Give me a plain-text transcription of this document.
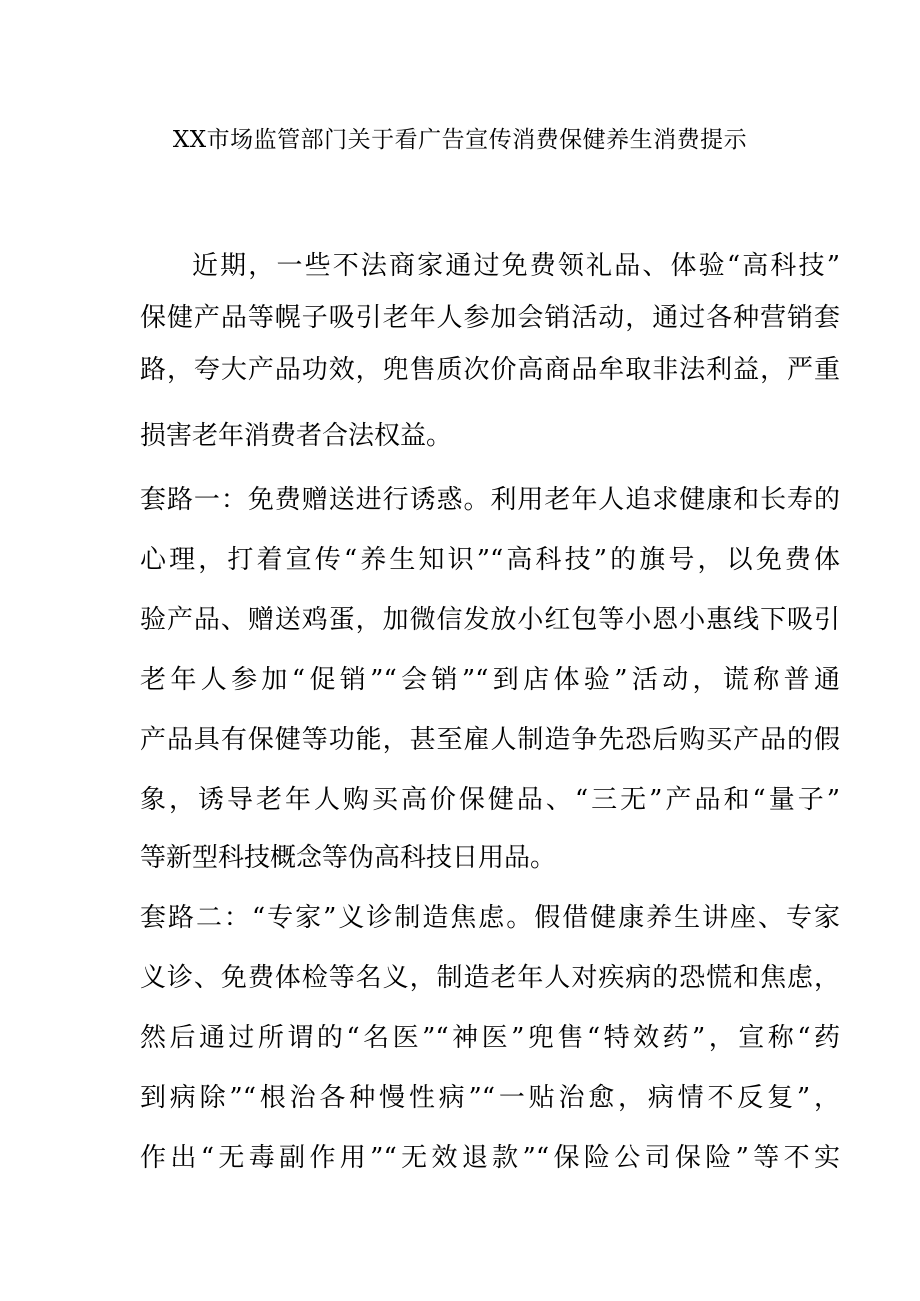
XX市场监管部门关于看广告宣传消费保健养生消费提示
近期，一些不法商家通过免费领礼品、体验“高科技”
保健产品等幌子吸引老年人参加会销活动，通过各种营销套
路，夸大产品功效，兜售质次价高商品牟取非法利益，严重
损害老年消费者合法权益。
套路一：免费赠送进行诱惑。利用老年人追求健康和长寿的
心理，打着宣传“养生知识”“高科技”的旗号，以免费体
验产品、赠送鸡蛋，加微信发放小红包等小恩小惠线下吸引
老年人参加“促销”“会销”“到店体验”活动，谎称普通
产品具有保健等功能，甚至雇人制造争先恐后购买产品的假
象，诱导老年人购买高价保健品、“三无”产品和“量子”
等新型科技概念等伪高科技日用品。
套路二：“专家”义诊制造焦虑。假借健康养生讲座、专家
义诊、免费体检等名义，制造老年人对疾病的恐慌和焦虑，
然后通过所谓的“名医”“神医”兜售“特效药”，宣称“药
到病除”“根治各种慢性病”“一贴治愈，病情不反复”，
作出“无毒副作用”“无效退款”“保险公司保险”等不实
